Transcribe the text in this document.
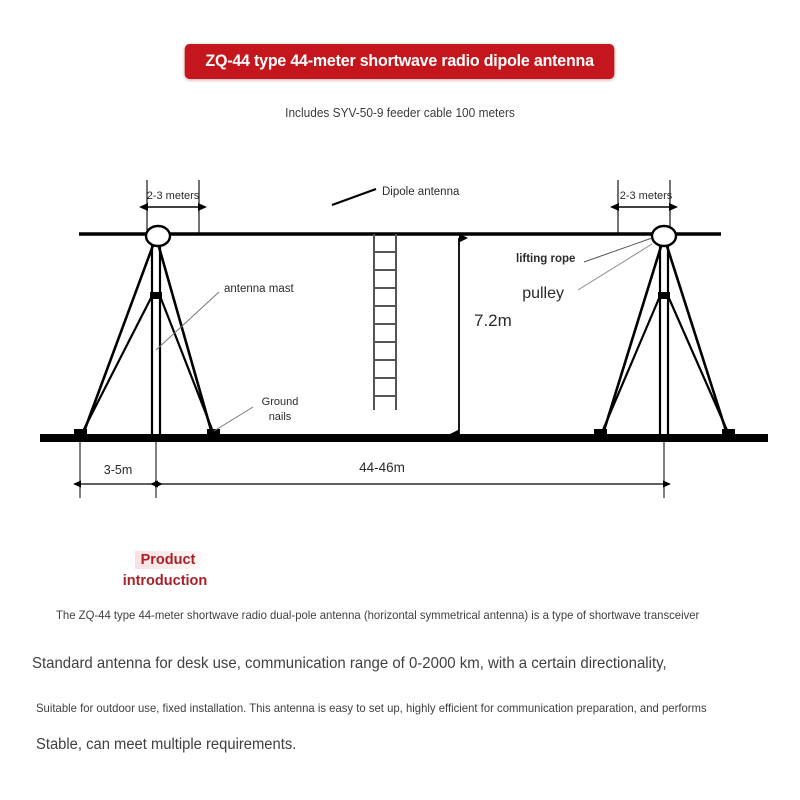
ZQ-44 type 44-meter shortwave radio dipole antenna
Includes SYV-50-9 feeder cable 100 meters
2-3 meters	2-3 meters
7.2m
Dipole antenna
antenna mast
lifting rope
pulley
Ground
nails
3-5m	44-46m
Product
introduction
The ZQ-44 type 44-meter shortwave radio dual-pole antenna (horizontal symmetrical antenna) is a type of shortwave transceiver
Standard antenna for desk use, communication range of 0-2000 km, with a certain directionality,
Suitable for outdoor use, fixed installation. This antenna is easy to set up, highly efficient for communication preparation, and performs
Stable, can meet multiple requirements.
